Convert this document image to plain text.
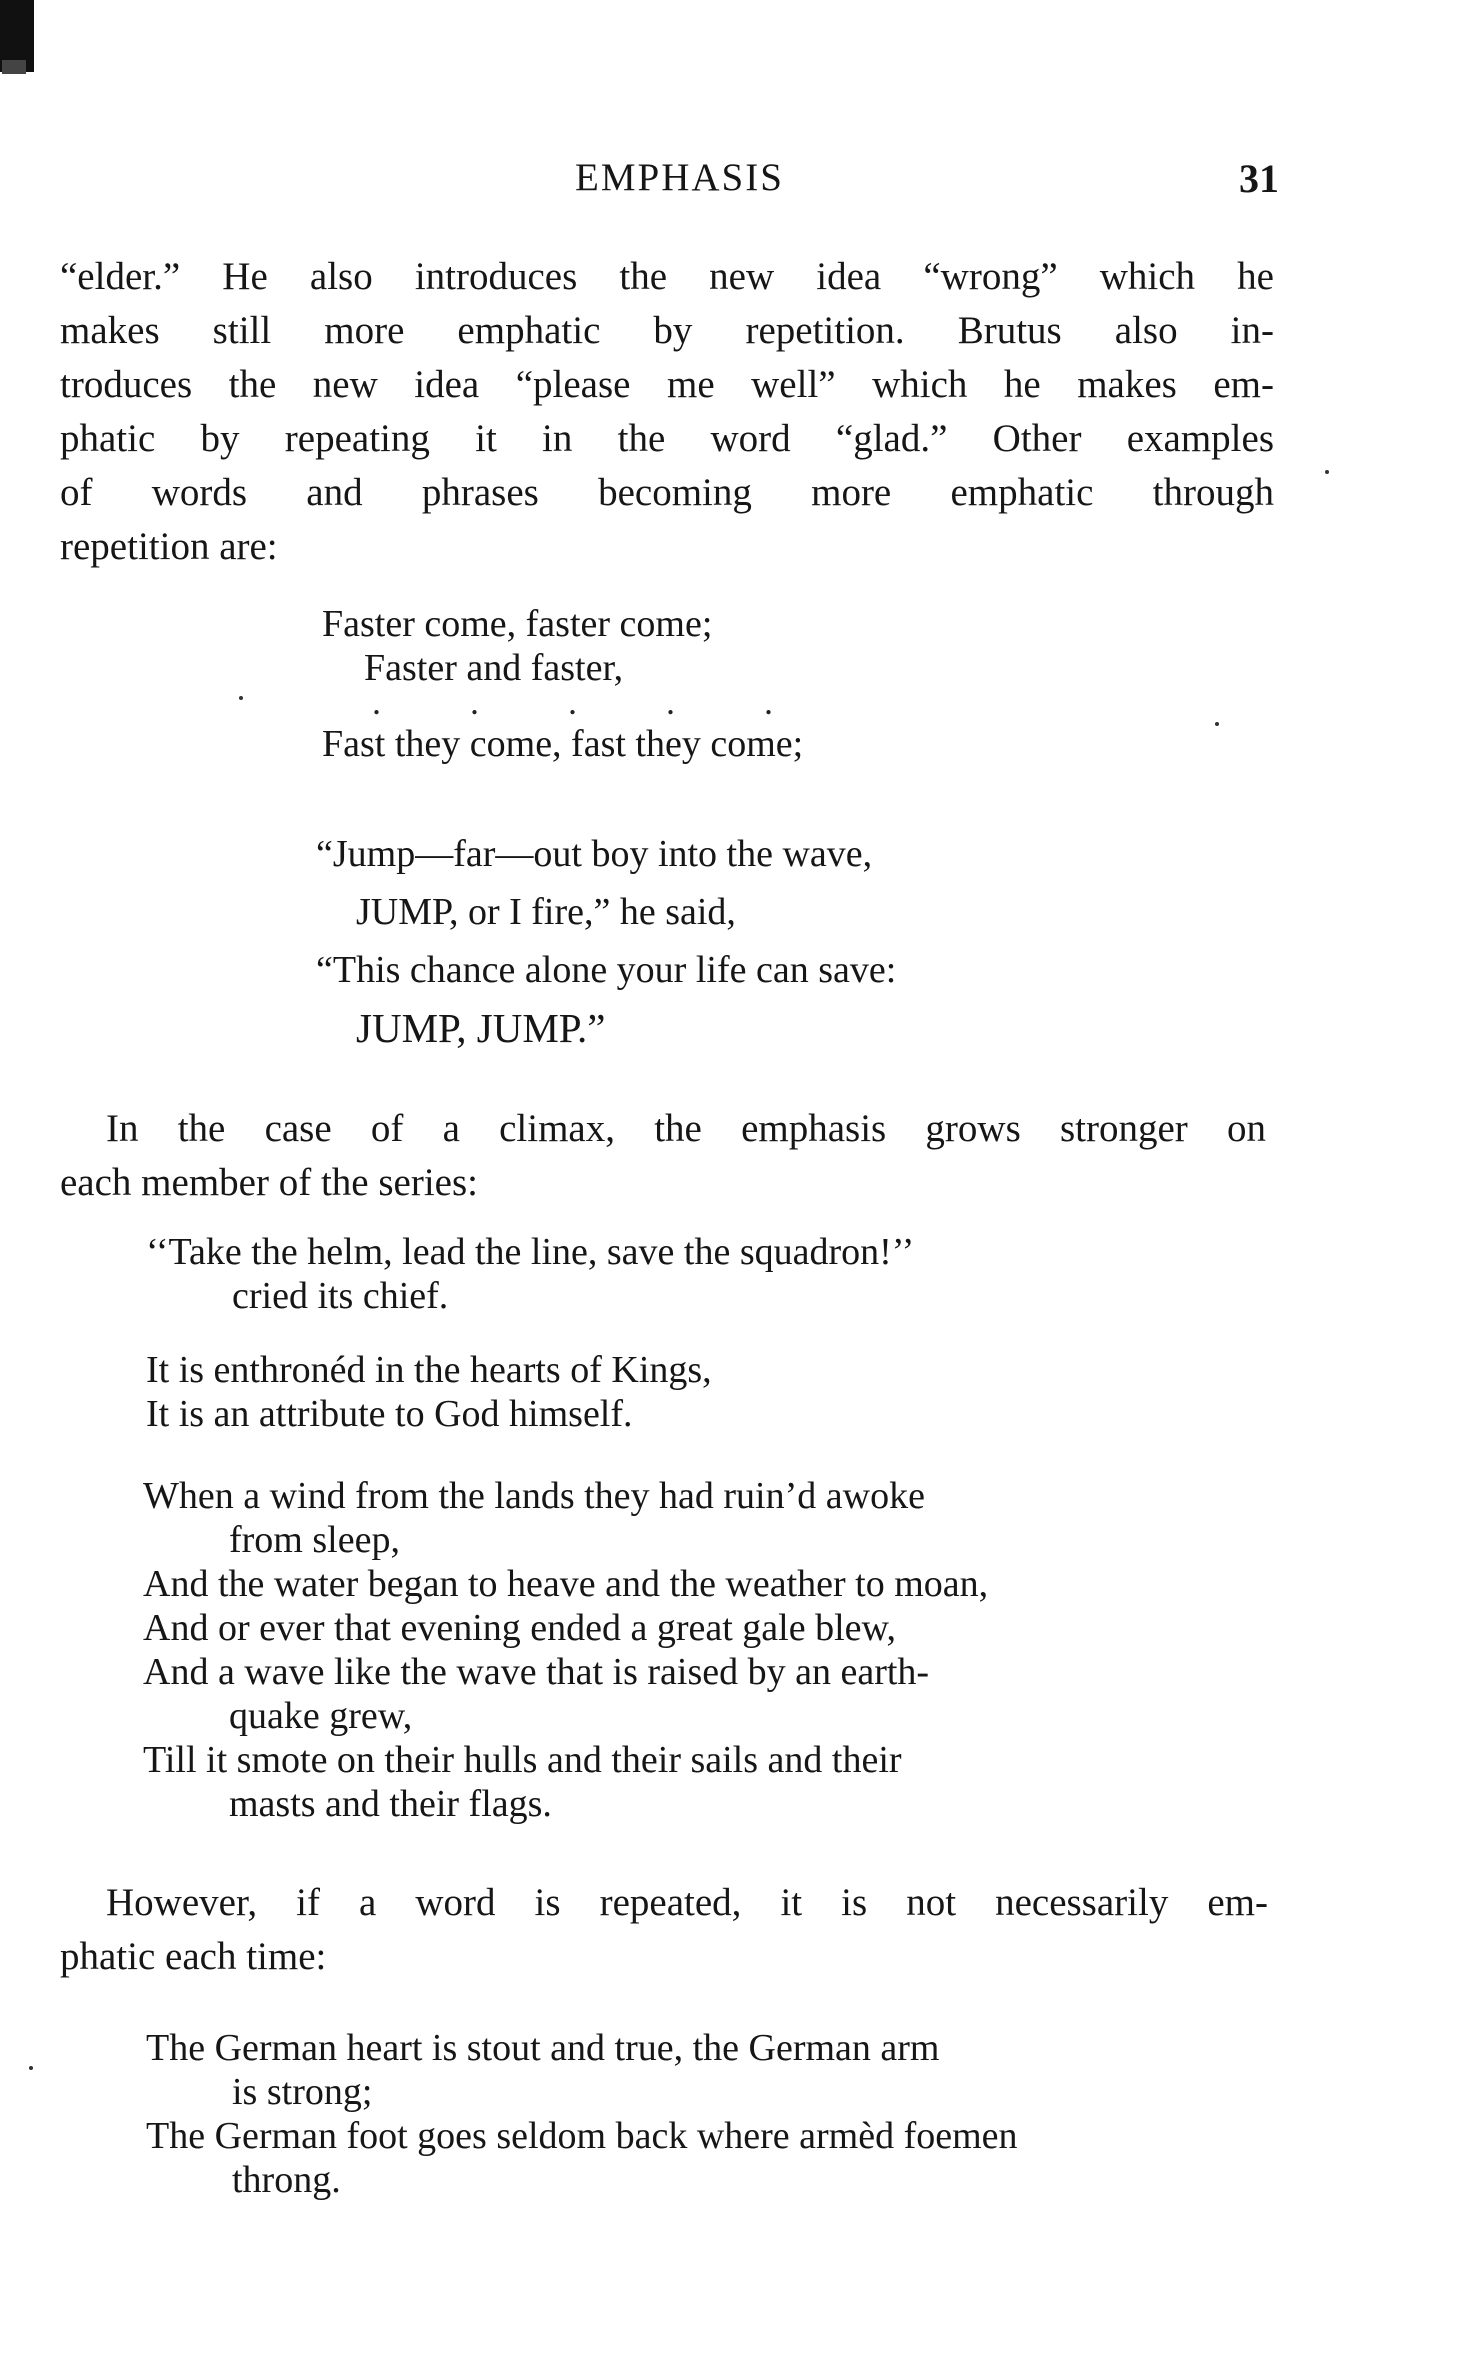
EMPHASIS	31
“elder.” He also introduces the new idea “wrong” which he
makes still more emphatic by repetition. Brutus also in-
troduces the new idea “please me well” which he makes em-
phatic by repeating it in the word “glad.” Other examples
of words and phrases becoming more emphatic through
repetition are:
Faster come, faster come;
Faster and faster,
. . . . .
Fast they come, fast they come;
“Jump—far—out boy into the wave,
JUMP, or I fire,” he said,
“This chance alone your life can save:
JUMP, JUMP.”
In the case of a climax, the emphasis grows stronger on
each member of the series:
‘‘Take the helm, lead the line, save the squadron!’’
cried its chief.
It is enthronéd in the hearts of Kings,
It is an attribute to God himself.
When a wind from the lands they had ruin’d awoke
from sleep,
And the water began to heave and the weather to moan,
And or ever that evening ended a great gale blew,
And a wave like the wave that is raised by an earth-
quake grew,
Till it smote on their hulls and their sails and their
masts and their flags.
However, if a word is repeated, it is not necessarily em-
phatic each time:
The German heart is stout and true, the German arm
is strong;
The German foot goes seldom back where armèd foemen
throng.
